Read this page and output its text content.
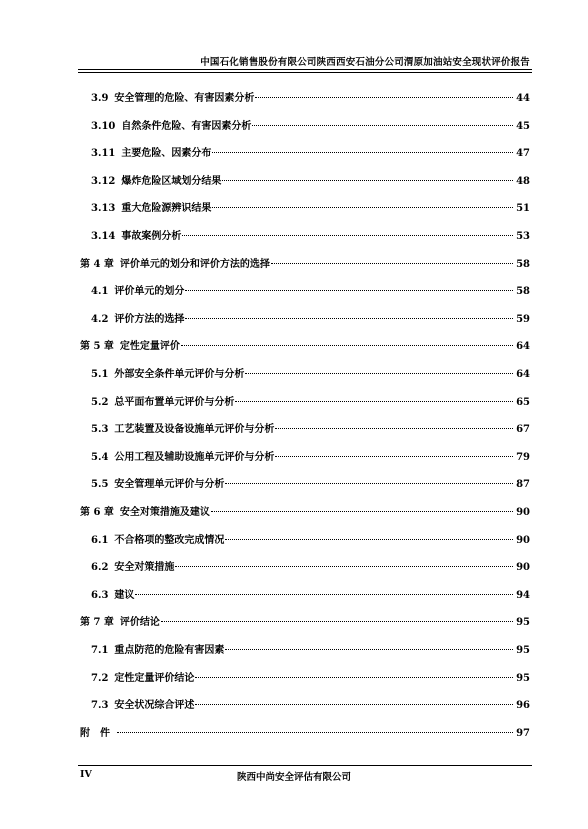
中国石化销售股份有限公司陕西西安石油分公司渭原加油站安全现状评价报告
3.9 安全管理的危险、有害因素分析	44
3.10 自然条件危险、有害因素分析	45
3.11 主要危险、因素分布	47
3.12 爆炸危险区域划分结果	48
3.13 重大危险源辨识结果	51
3.14 事故案例分析	53
第 4 章 评价单元的划分和评价方法的选择	58
4.1 评价单元的划分	58
4.2 评价方法的选择	59
第 5 章 定性定量评价	64
5.1 外部安全条件单元评价与分析	64
5.2 总平面布置单元评价与分析	65
5.3 工艺装置及设备设施单元评价与分析	67
5.4 公用工程及辅助设施单元评价与分析	79
5.5 安全管理单元评价与分析	87
第 6 章 安全对策措施及建议	90
6.1 不合格项的整改完成情况	90
6.2 安全对策措施	90
6.3 建议	94
第 7 章 评价结论	95
7.1 重点防范的危险有害因素	95
7.2 定性定量评价结论	95
7.3 安全状况综合评述	96
附　件	97
IV	陕西中尚安全评估有限公司
